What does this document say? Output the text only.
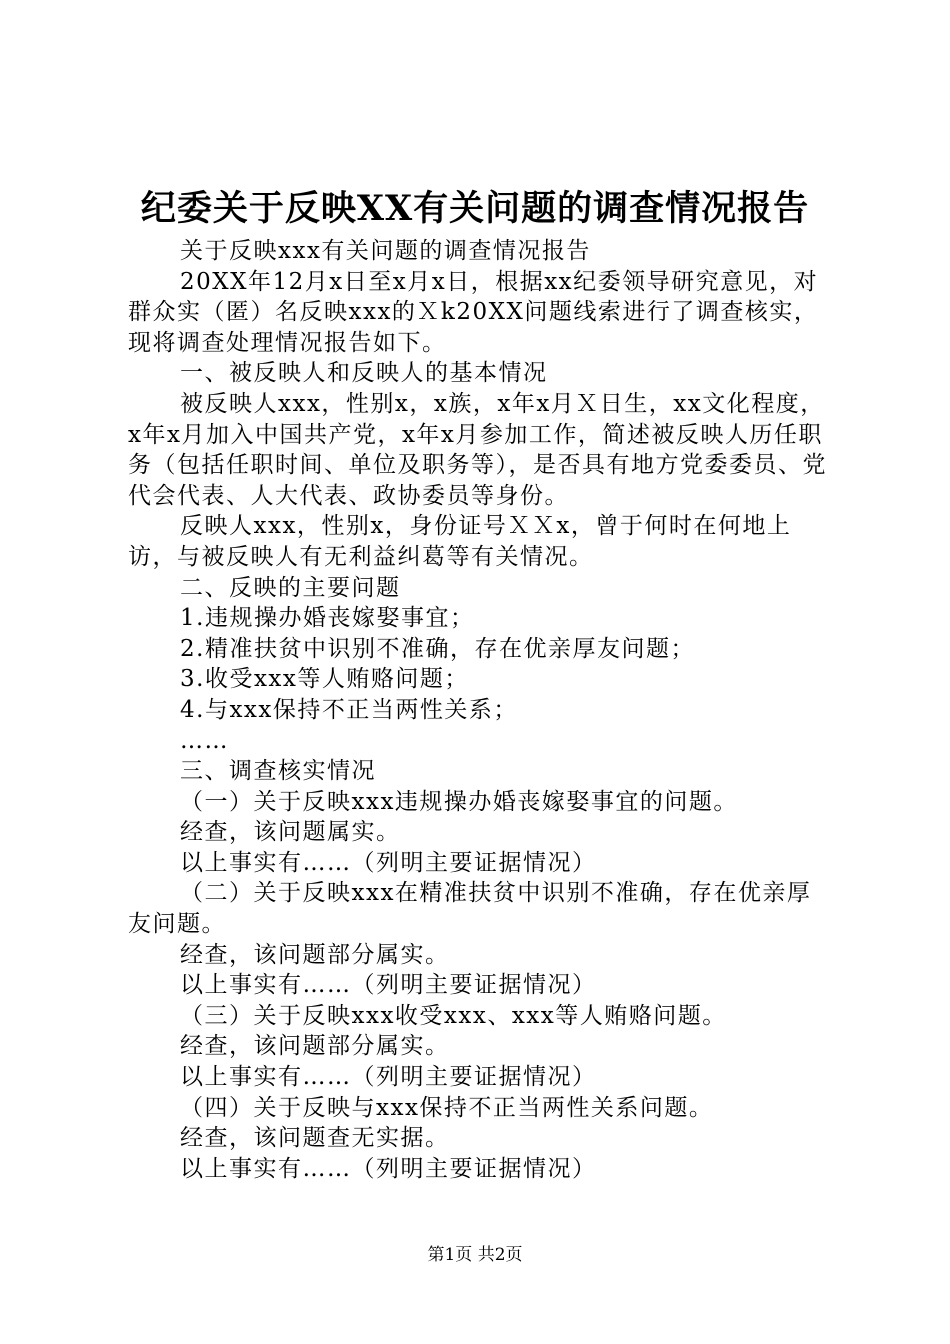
纪委关于反映XX有关问题的调查情况报告

关于反映xxx有关问题的调查情况报告

20XX年12月x日至x月x日，根据xx纪委领导研究意见，对群众实（匿）名反映xxx的Ｘk20XX问题线索进行了调查核实，现将调查处理情况报告如下。

一、被反映人和反映人的基本情况

被反映人xxx，性别x，x族，x年x月Ｘ日生，xx文化程度，x年x月加入中国共产党，x年x月参加工作，简述被反映人历任职务（包括任职时间、单位及职务等），是否具有地方党委委员、党代会代表、人大代表、政协委员等身份。

反映人xxx，性别x，身份证号ＸＸx，曾于何时在何地上访，与被反映人有无利益纠葛等有关情况。

二、反映的主要问题

1.违规操办婚丧嫁娶事宜；

2.精准扶贫中识别不准确，存在优亲厚友问题；

3.收受xxx等人贿赂问题；

4.与xxx保持不正当两性关系；

……

三、调查核实情况

（一）关于反映xxx违规操办婚丧嫁娶事宜的问题。

经查，该问题属实。

以上事实有……（列明主要证据情况）

（二）关于反映xxx在精准扶贫中识别不准确，存在优亲厚友问题。

经查，该问题部分属实。

以上事实有……（列明主要证据情况）

（三）关于反映xxx收受xxx、xxx等人贿赂问题。

经查，该问题部分属实。

以上事实有……（列明主要证据情况）

（四）关于反映与xxx保持不正当两性关系问题。

经查，该问题查无实据。

以上事实有……（列明主要证据情况）

第1页 共2页
